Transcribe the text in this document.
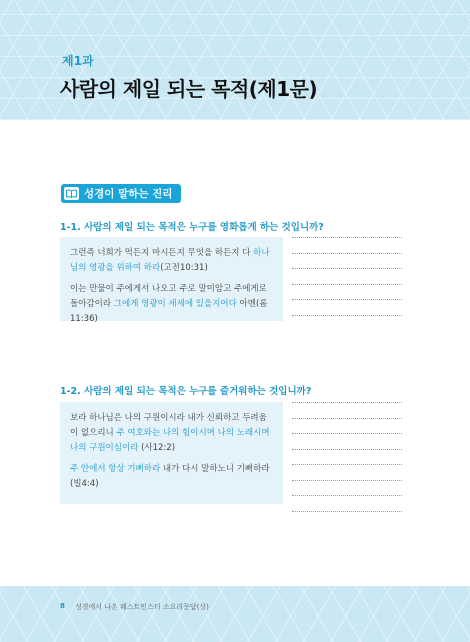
제1과
사람의 제일 되는 목적(제1문)
성경이 말하는 진리
1-1. 사람의 제일 되는 목적은 누구를 영화롭게 하는 것입니까?

그런즉 너희가 먹든지 마시든지 무엇을 하든지 다 하나님의 영광을 위하여 하라(고전10:31)

이는 만물이 주에게서 나오고 주로 말미암고 주에게로 돌아감이라 그에게 영광이 세세에 있을지어다 아멘(롬11:36)

1-2. 사람의 제일 되는 목적은 누구를 즐거워하는 것입니까?

보라 하나님은 나의 구원이시라 내가 신뢰하고 두려움이 없으리니 주 여호와는 나의 힘이시며 나의 노래시며 나의 구원이심이라 (사12:2)

주 안에서 항상 기뻐하라 내가 다시 말하노니 기뻐하라(빌4:4)

8 성경에서 나온 웨스트민스터 소요리문답(상)
